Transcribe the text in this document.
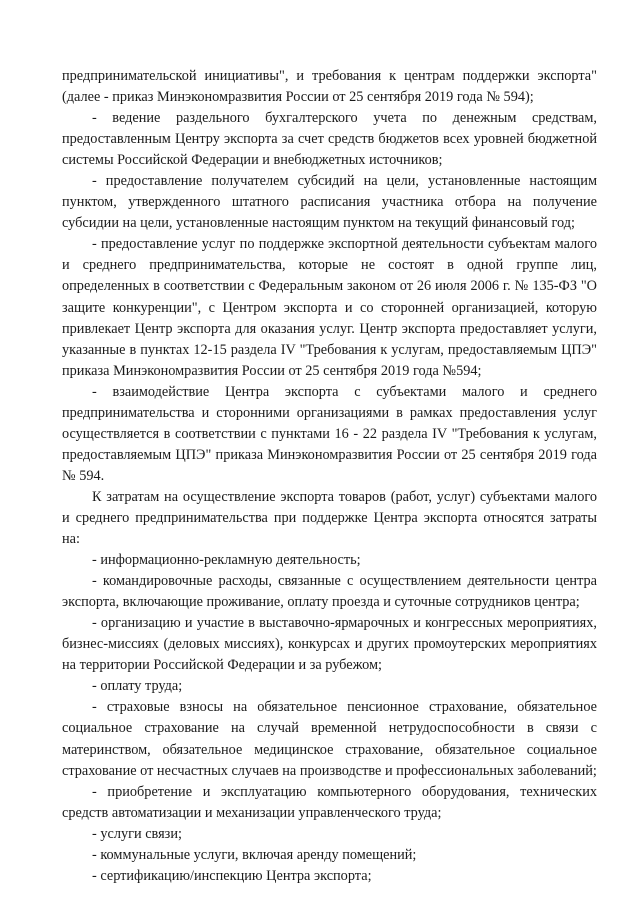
предпринимательской инициативы", и требования к центрам поддержки экспорта" (далее - приказ Минэкономразвития России от 25 сентября 2019 года № 594);

- ведение раздельного бухгалтерского учета по денежным средствам, предоставленным Центру экспорта за счет средств бюджетов всех уровней бюджетной системы Российской Федерации и внебюджетных источников;

- предоставление получателем субсидий на цели, установленные настоящим пунктом, утвержденного штатного расписания участника отбора на получение субсидии на цели, установленные настоящим пунктом на текущий финансовый год;

- предоставление услуг по поддержке экспортной деятельности субъектам малого и среднего предпринимательства, которые не состоят в одной группе лиц, определенных в соответствии с Федеральным законом от 26 июля 2006 г. № 135-ФЗ "О защите конкуренции", с Центром экспорта и со сторонней организацией, которую привлекает Центр экспорта для оказания услуг. Центр экспорта предоставляет услуги, указанные в пунктах 12-15 раздела IV "Требования к услугам, предоставляемым ЦПЭ" приказа Минэкономразвития России от 25 сентября 2019 года №594;

- взаимодействие Центра экспорта с субъектами малого и среднего предпринимательства и сторонними организациями в рамках предоставления услуг осуществляется в соответствии с пунктами 16 - 22 раздела IV "Требования к услугам, предоставляемым ЦПЭ" приказа Минэкономразвития России от 25 сентября 2019 года № 594.

К затратам на осуществление экспорта товаров (работ, услуг) субъектами малого и среднего предпринимательства при поддержке Центра экспорта относятся затраты на:

- информационно-рекламную деятельность;

- командировочные расходы, связанные с осуществлением деятельности центра экспорта, включающие проживание, оплату проезда и суточные сотрудников центра;

- организацию и участие в выставочно-ярмарочных и конгрессных мероприятиях, бизнес-миссиях (деловых миссиях), конкурсах и других промоутерских мероприятиях на территории Российской Федерации и за рубежом;

- оплату труда;

- страховые взносы на обязательное пенсионное страхование, обязательное социальное страхование на случай временной нетрудоспособности в связи с материнством, обязательное медицинское страхование, обязательное социальное страхование от несчастных случаев на производстве и профессиональных заболеваний;

- приобретение и эксплуатацию компьютерного оборудования, технических средств автоматизации и механизации управленческого труда;

- услуги связи;

- коммунальные услуги, включая аренду помещений;

- сертификацию/инспекцию Центра экспорта;
